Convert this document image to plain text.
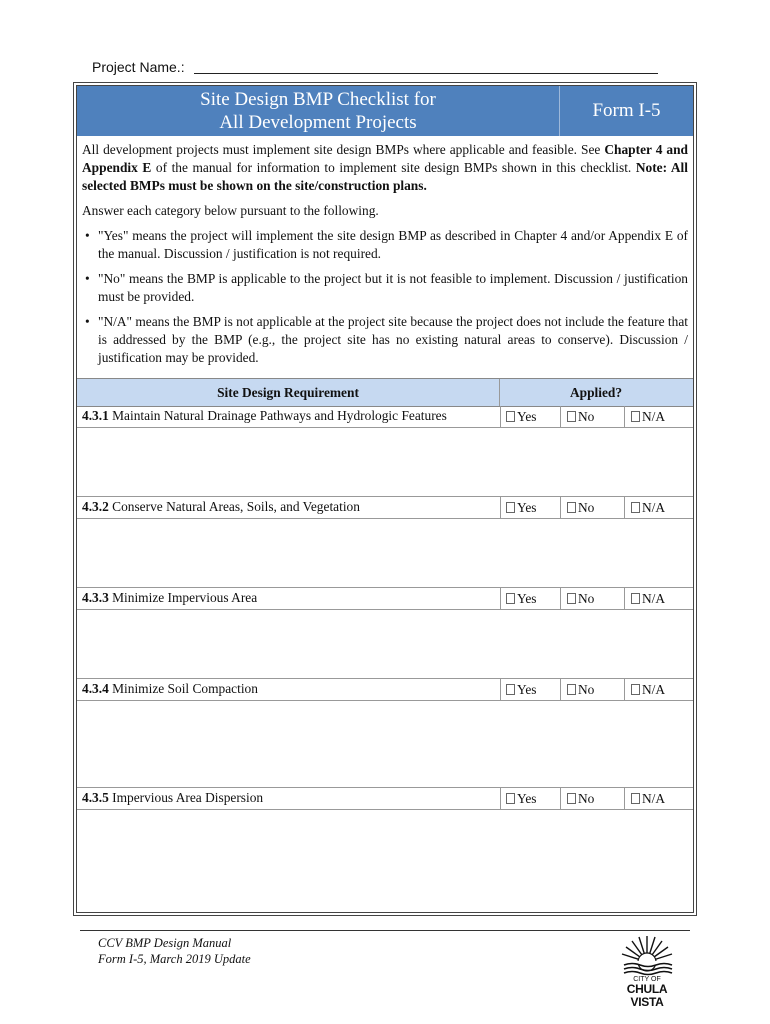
Project Name.:
Site Design BMP Checklist for
All Development Projects
Form I-5

All development projects must implement site design BMPs where applicable and feasible. See Chapter 4 and Appendix E of the manual for information to implement site design BMPs shown in this checklist. Note: All selected BMPs must be shown on the site/construction plans.

Answer each category below pursuant to the following.

• "Yes" means the project will implement the site design BMP as described in Chapter 4 and/or Appendix E of the manual. Discussion / justification is not required.
• "No" means the BMP is applicable to the project but it is not feasible to implement. Discussion / justification must be provided.
• "N/A" means the BMP is not applicable at the project site because the project does not include the feature that is addressed by the BMP (e.g., the project site has no existing natural areas to conserve). Discussion / justification may be provided.
Site Design Requirement	Applied?
4.3.1 Maintain Natural Drainage Pathways and Hydrologic Features	Yes	No	N/A
4.3.2 Conserve Natural Areas, Soils, and Vegetation	Yes	No	N/A
4.3.3 Minimize Impervious Area	Yes	No	N/A
4.3.4 Minimize Soil Compaction	Yes	No	N/A
4.3.5 Impervious Area Dispersion	Yes	No	N/A
CCV BMP Design Manual
Form I-5, March 2019 Update
CITY OF
CHULA VISTA
